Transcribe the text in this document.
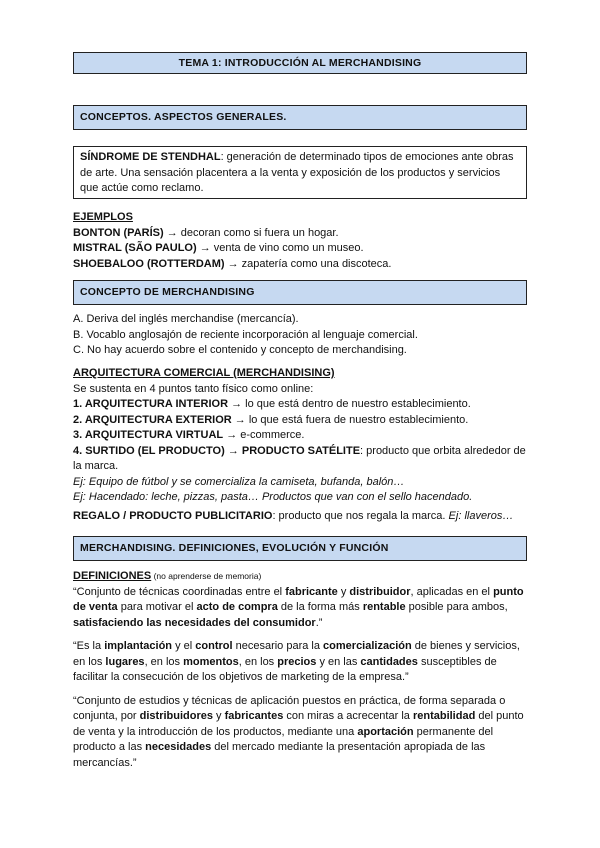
TEMA 1: INTRODUCCIÓN AL MERCHANDISING
CONCEPTOS. ASPECTOS GENERALES.
SÍNDROME DE STENDHAL: generación de determinado tipos de emociones ante obras de arte. Una sensación placentera a la venta y exposición de los productos y servicios que actúe como reclamo.

EJEMPLOS

BONTON (PARÍS) → decoran como si fuera un hogar.

MISTRAL (SÃO PAULO) → venta de vino como un museo.

SHOEBALOO (ROTTERDAM) → zapatería como una discoteca.

CONCEPTO DE MERCHANDISING

A. Deriva del inglés merchandise (mercancía).

B. Vocablo anglosajón de reciente incorporación al lenguaje comercial.

C. No hay acuerdo sobre el contenido y concepto de merchandising.

ARQUITECTURA COMERCIAL (MERCHANDISING)

Se sustenta en 4 puntos tanto físico como online:

1. ARQUITECTURA INTERIOR → lo que está dentro de nuestro establecimiento.

2. ARQUITECTURA EXTERIOR → lo que está fuera de nuestro establecimiento.

3. ARQUITECTURA VIRTUAL → e-commerce.

4. SURTIDO (EL PRODUCTO) → PRODUCTO SATÉLITE: producto que orbita alrededor de la marca.

Ej: Equipo de fútbol y se comercializa la camiseta, bufanda, balón…

Ej: Hacendado: leche, pizzas, pasta… Productos que van con el sello hacendado.

REGALO / PRODUCTO PUBLICITARIO: producto que nos regala la marca. Ej: llaveros…

MERCHANDISING. DEFINICIONES, EVOLUCIÓN Y FUNCIÓN

DEFINICIONES (no aprenderse de memoria)

“Conjunto de técnicas coordinadas entre el fabricante y distribuidor, aplicadas en el punto de venta para motivar el acto de compra de la forma más rentable posible para ambos, satisfaciendo las necesidades del consumidor.”

“Es la implantación y el control necesario para la comercialización de bienes y servicios, en los lugares, en los momentos, en los precios y en las cantidades susceptibles de facilitar la consecución de los objetivos de marketing de la empresa.”

“Conjunto de estudios y técnicas de aplicación puestos en práctica, de forma separada o conjunta, por distribuidores y fabricantes con miras a acrecentar la rentabilidad del punto de venta y la introducción de los productos, mediante una aportación permanente del producto a las necesidades del mercado mediante la presentación apropiada de las mercancías.”
